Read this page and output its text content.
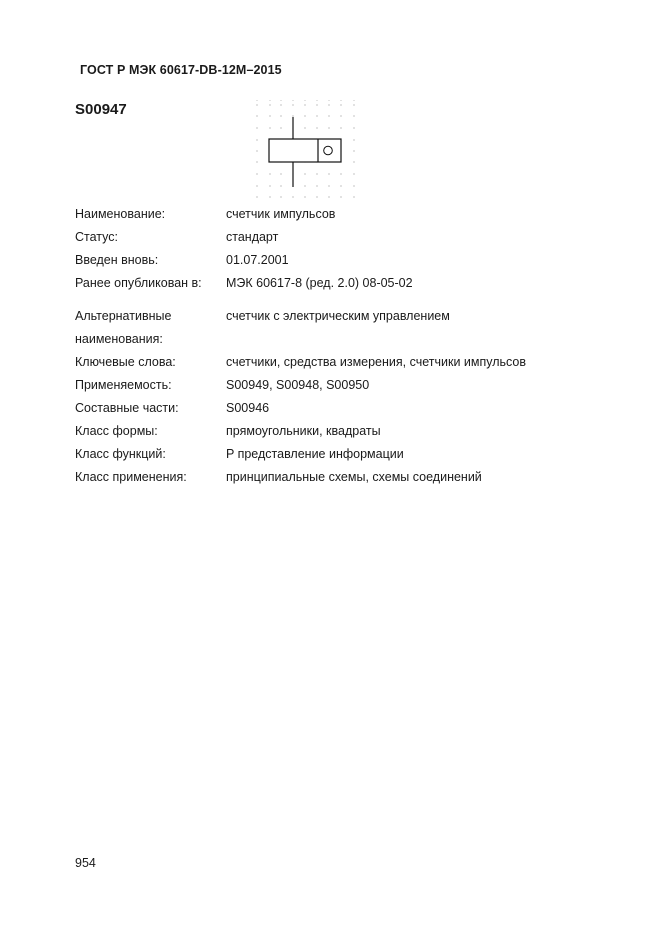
ГОСТ Р МЭК 60617-DB-12M–2015
S00947
Наименование:	счетчик импульсов
Статус:	стандарт
Введен вновь:	01.07.2001
Ранее опубликован в:	МЭК 60617-8 (ред. 2.0) 08-05-02
Альтернативные наименования:
счетчик с электрическим управлением
Ключевые слова:	счетчики, средства измерения, счетчики импульсов
Применяемость:	S00949, S00948, S00950
Составные части:	S00946
Класс формы:	прямоугольники, квадраты
Класс функций:	P представление информации
Класс применения:	принципиальные схемы, схемы соединений
954
